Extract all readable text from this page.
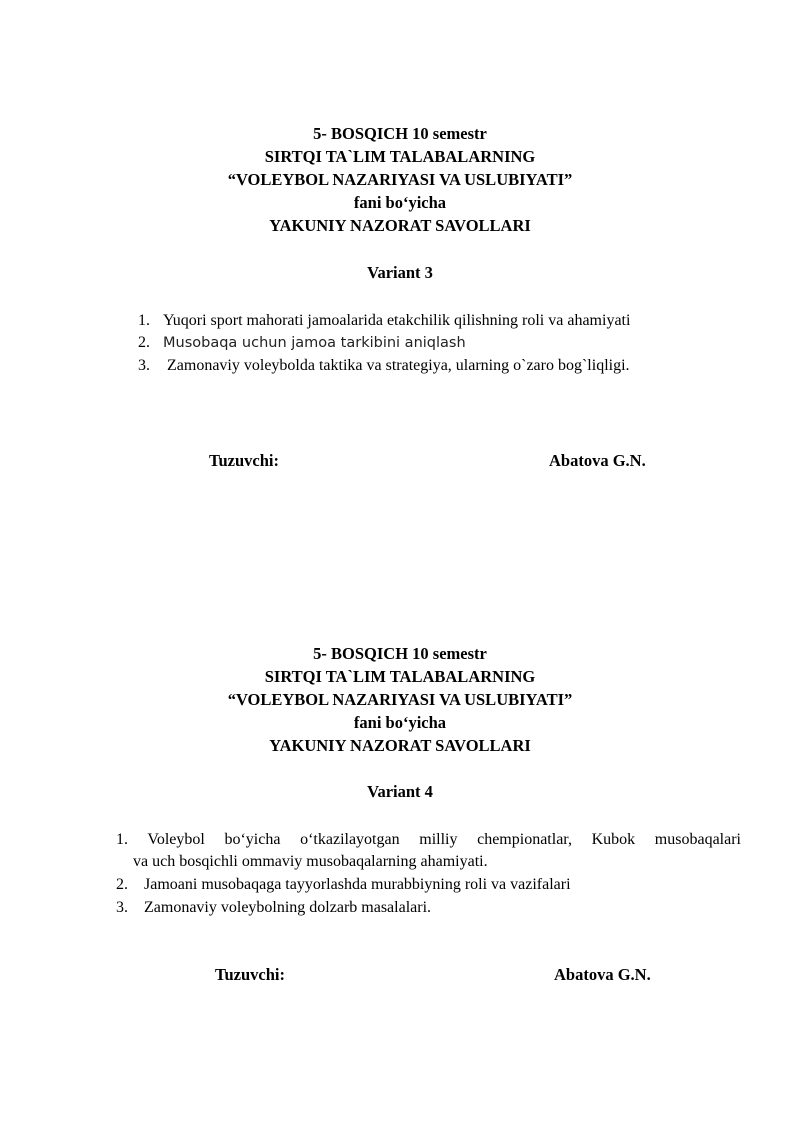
5- BOSQICH 10 semestr

SIRTQI TA`LIM TALABALARNING

“VOLEYBOL NAZARIYASI VA USLUBIYATI”

fani bo‘yicha

YAKUNIY NAZORAT SAVOLLARI

Variant 3

1. Yuqori sport mahorati jamoalarida etakchilik qilishning roli va ahamiyati
2. Musobaqa uchun jamoa tarkibini aniqlash
3. Zamonaviy voleybolda taktika va strategiya, ularning o`zaro bog`liqligi.

Tuzuvchi:	Abatova G.N.

5- BOSQICH 10 semestr

SIRTQI TA`LIM TALABALARNING

“VOLEYBOL NAZARIYASI VA USLUBIYATI”

fani bo‘yicha

YAKUNIY NAZORAT SAVOLLARI

Variant 4

1. Voleybol bo‘yicha o‘tkazilayotgan milliy chempionatlar, Kubok musobaqalari
va uch bosqichli ommaviy musobaqalarning ahamiyati.
2. Jamoani musobaqaga tayyorlashda murabbiyning roli va vazifalari
3. Zamonaviy voleybolning dolzarb masalalari.

Tuzuvchi:	Abatova G.N.
